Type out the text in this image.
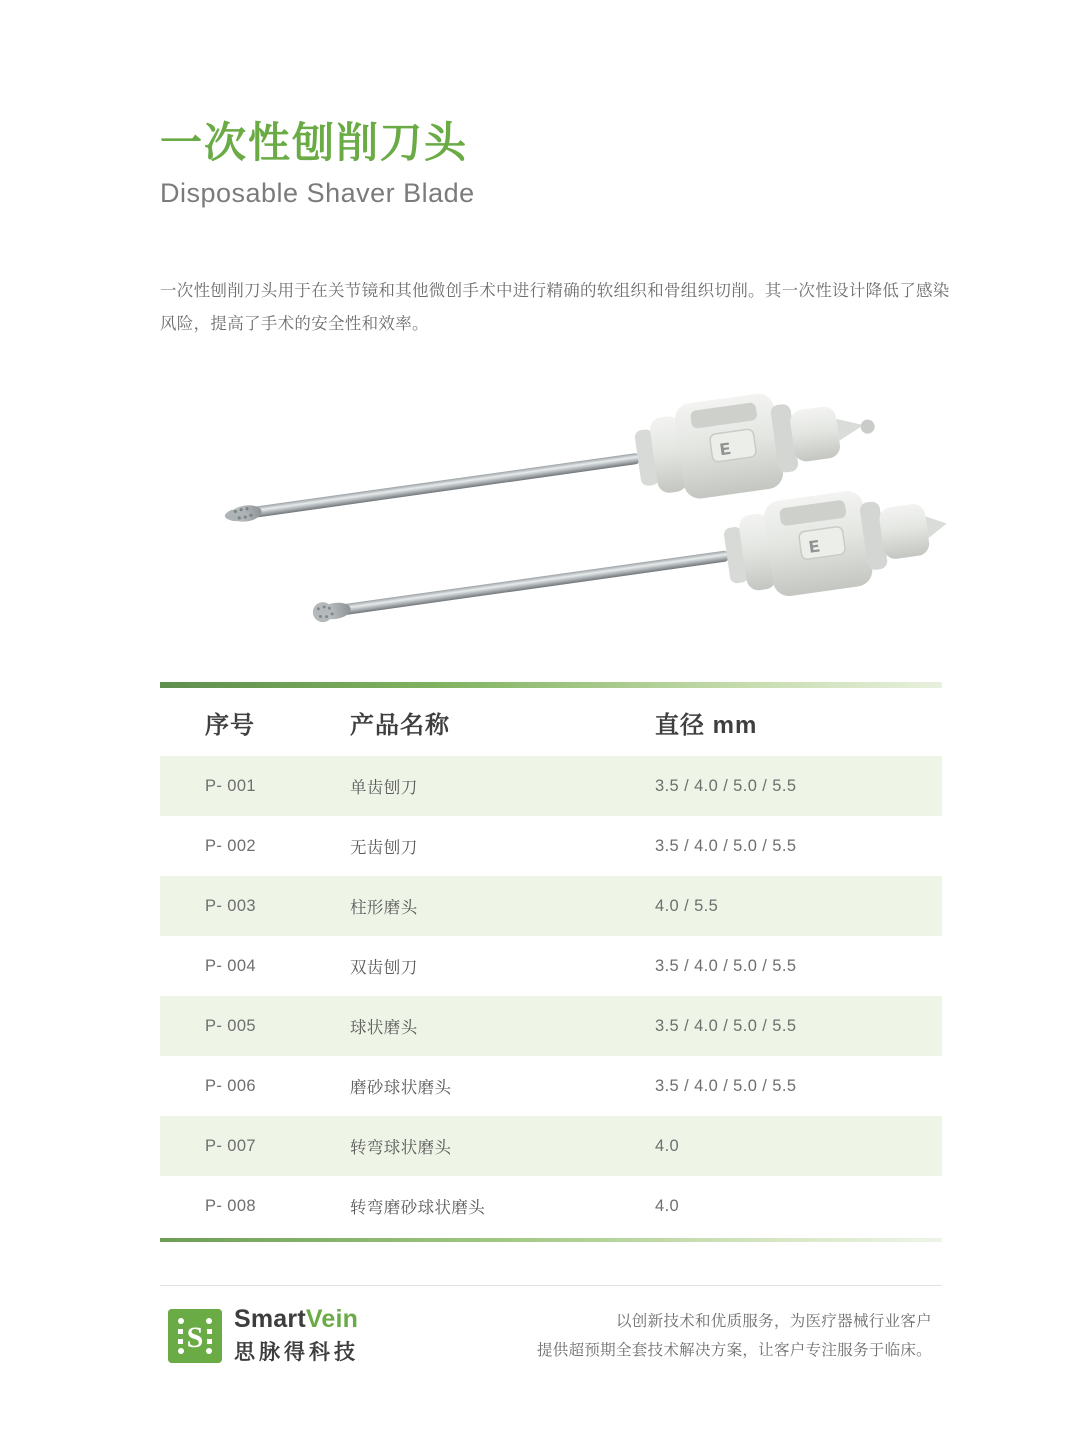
一次性刨削刀头
Disposable Shaver Blade
一次性刨削刀头用于在关节镜和其他微创手术中进行精确的软组织和骨组织切削。其一次性设计降低了感染风险，提高了手术的安全性和效率。
ᴇ
ᴇ
序号	产品名称	直径 mm
P- 001	单齿刨刀	3.5 / 4.0 / 5.0 / 5.5
P- 002	无齿刨刀	3.5 / 4.0 / 5.0 / 5.5
P- 003	柱形磨头	4.0 / 5.5
P- 004	双齿刨刀	3.5 / 4.0 / 5.0 / 5.5
P- 005	球状磨头	3.5 / 4.0 / 5.0 / 5.5
P- 006	磨砂球状磨头	3.5 / 4.0 / 5.0 / 5.5
P- 007	转弯球状磨头	4.0
P- 008	转弯磨砂球状磨头	4.0
S
SmartVein
思脉得科技
以创新技术和优质服务，为医疗器械行业客户
提供超预期全套技术解决方案，让客户专注服务于临床。
